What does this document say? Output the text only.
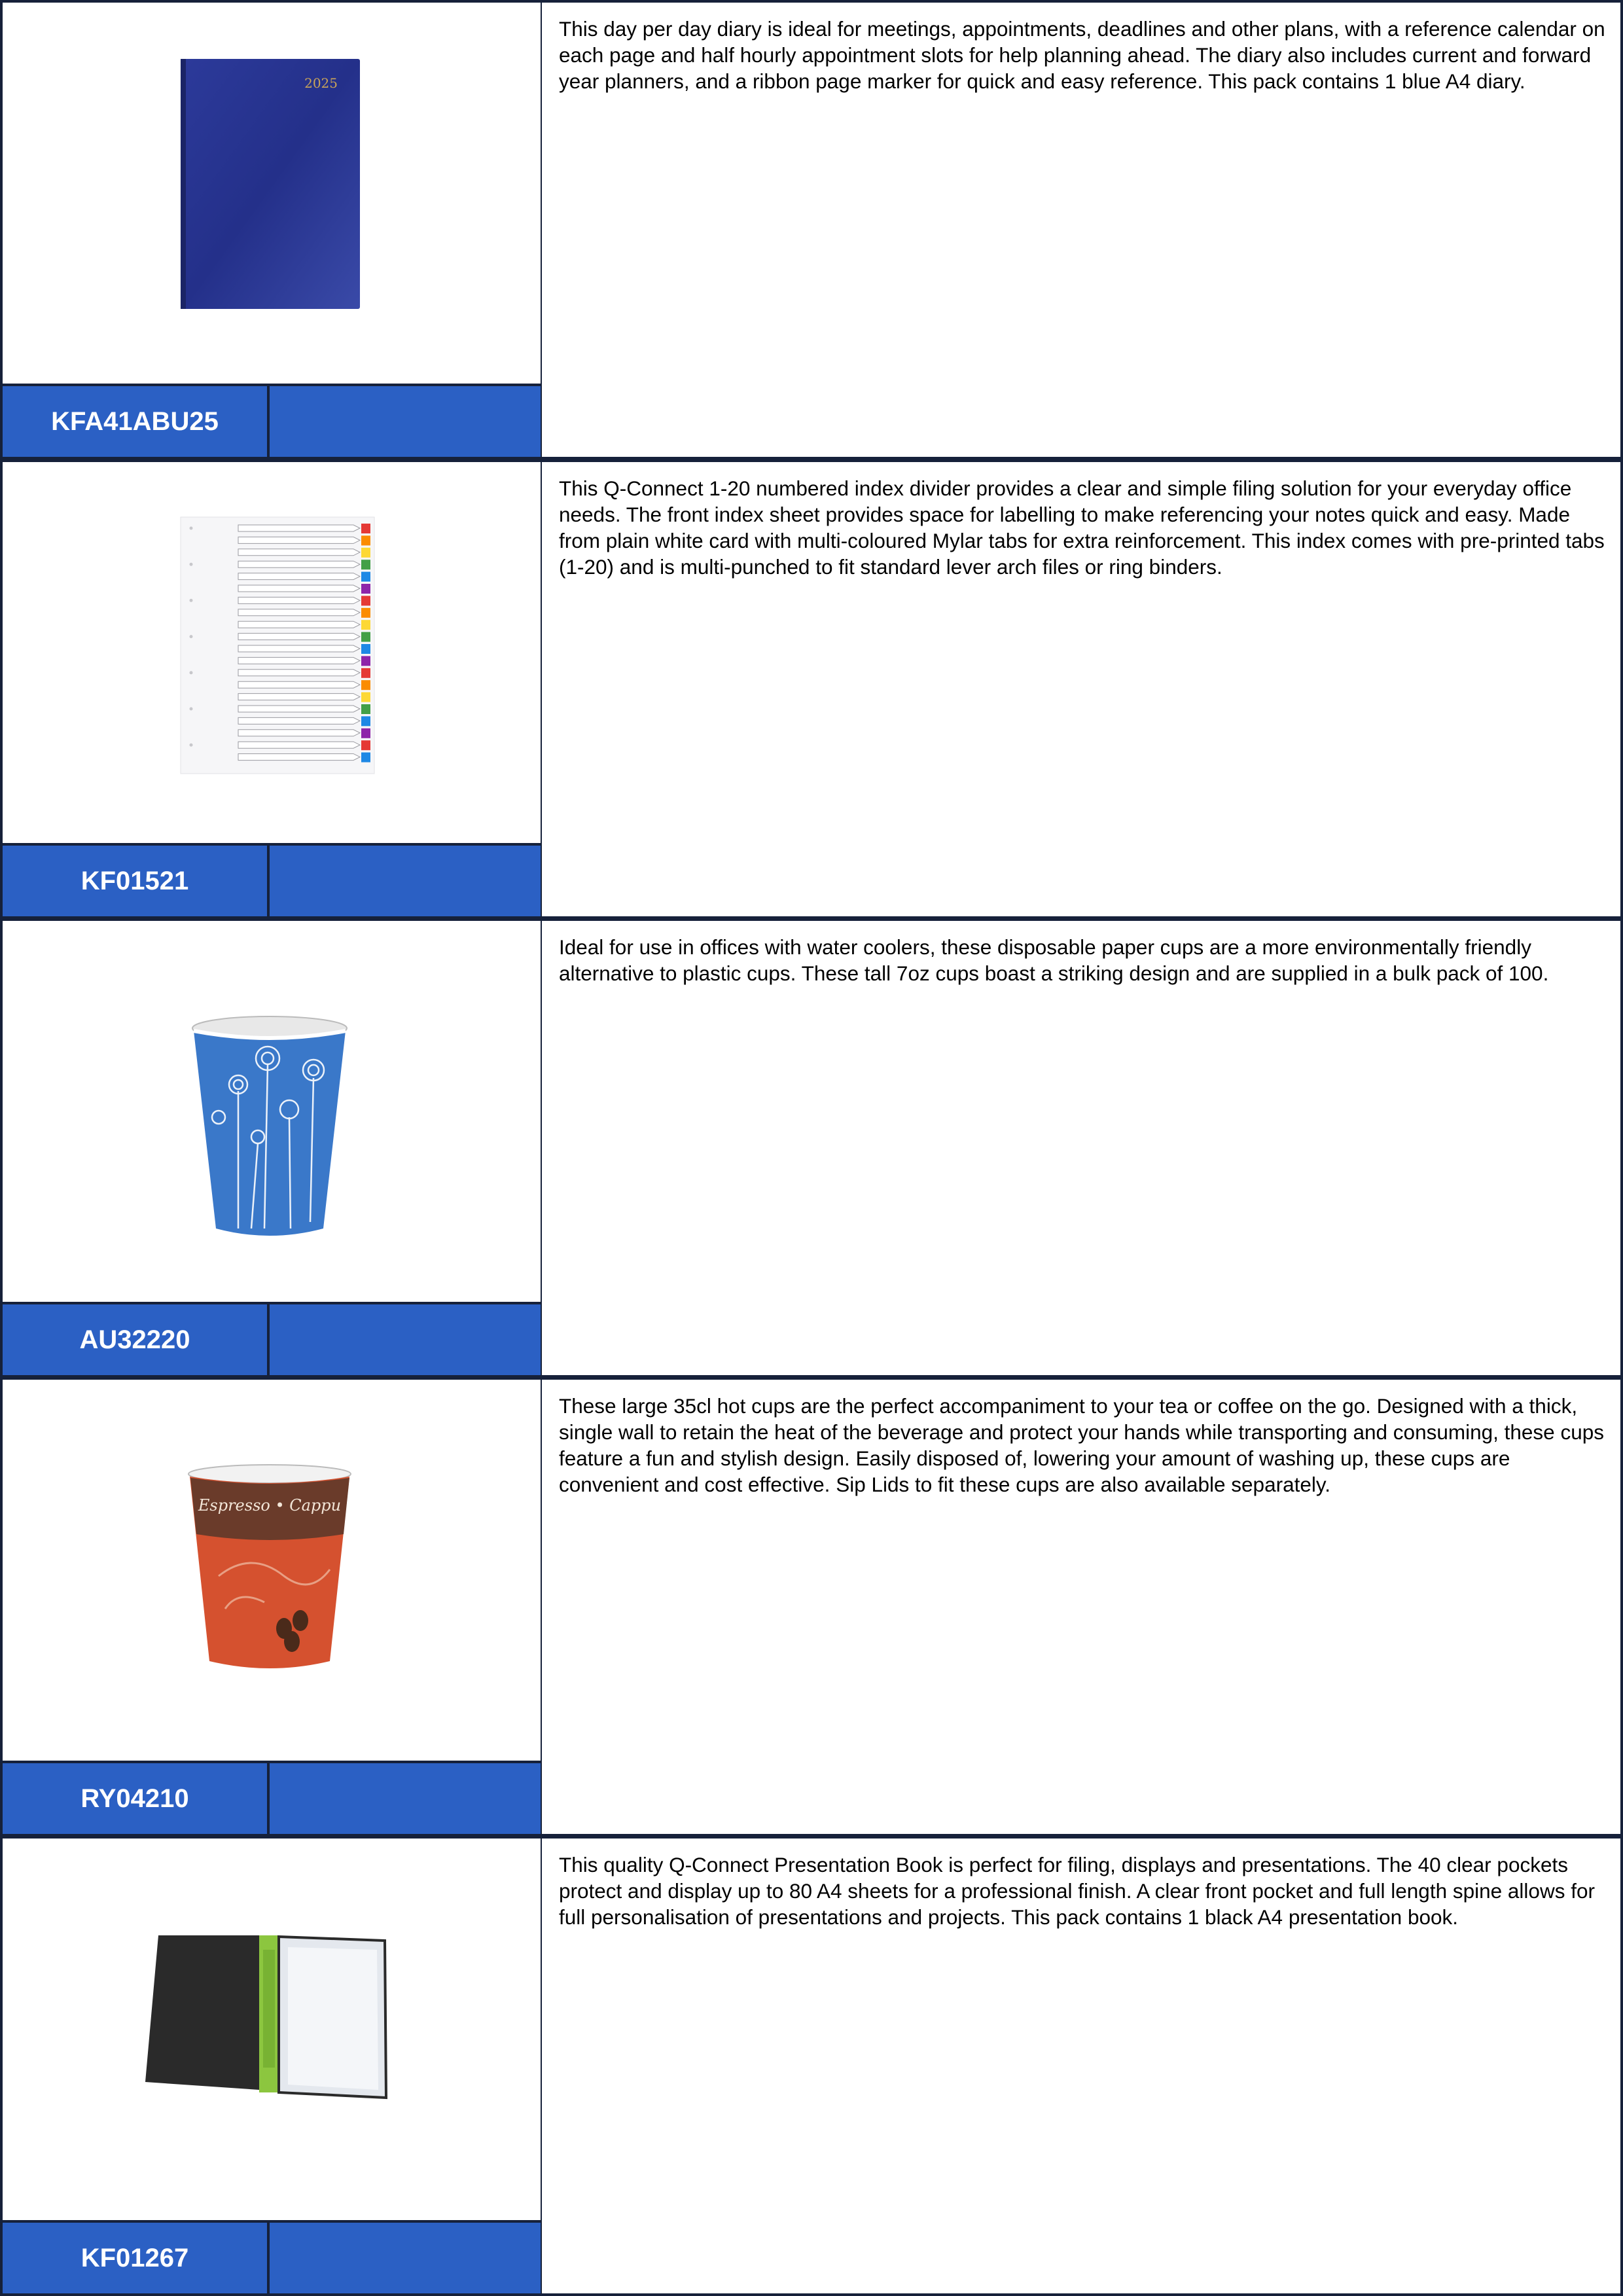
2025
KFA41ABU25
This day per day diary is ideal for meetings, appointments, deadlines and other plans, with a reference calendar on each page and half hourly appointment slots for help planning ahead. The diary also includes current and forward year planners, and a ribbon page marker for quick and easy reference. This pack contains 1 blue A4 diary.
KF01521
This Q-Connect 1-20 numbered index divider provides a clear and simple filing solution for your everyday office needs. The front index sheet provides space for labelling to make referencing your notes quick and easy. Made from plain white card with multi-coloured Mylar tabs for extra reinforcement. This index comes with pre-printed tabs (1-20) and is multi-punched to fit standard lever arch files or ring binders.
AU32220
Ideal for use in offices with water coolers, these disposable paper cups are a more environmentally friendly alternative to plastic cups. These tall 7oz cups boast a striking design and are supplied in a bulk pack of 100.
Espresso • Cappu
RY04210
These large 35cl hot cups are the perfect accompaniment to your tea or coffee on the go. Designed with a thick, single wall to retain the heat of the beverage and protect your hands while transporting and consuming, these cups feature a fun and stylish design. Easily disposed of, lowering your amount of washing up, these cups are convenient and cost effective. Sip Lids to fit these cups are also available separately.
KF01267
This quality Q-Connect Presentation Book is perfect for filing, displays and presentations. The 40 clear pockets protect and display up to 80 A4 sheets for a professional finish. A clear front pocket and full length spine allows for full personalisation of presentations and projects. This pack contains 1 black A4 presentation book.
